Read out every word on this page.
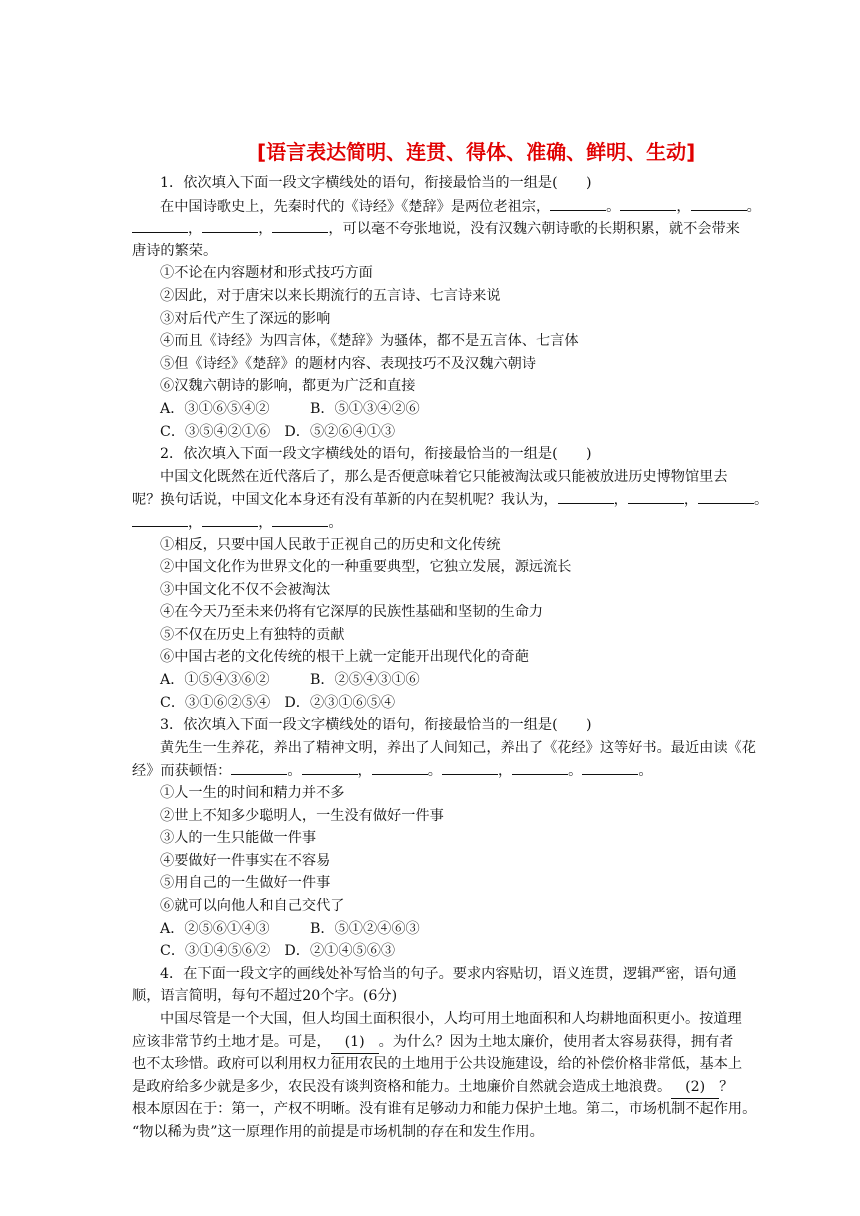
[语言表达简明、连贯、得体、准确、鲜明、生动]
1．依次填入下面一段文字横线处的语句，衔接最恰当的一组是(　　)
在中国诗歌史上，先秦时代的《诗经》《楚辞》是两位老祖宗，	。	，	。
，	，	，可以毫不夸张地说，没有汉魏六朝诗歌的长期积累，就不会带来
唐诗的繁荣。
①不论在内容题材和形式技巧方面
②因此，对于唐宋以来长期流行的五言诗、七言诗来说
③对后代产生了深远的影响
④而且《诗经》为四言体，《楚辞》为骚体，都不是五言体、七言体
⑤但《诗经》《楚辞》的题材内容、表现技巧不及汉魏六朝诗
⑥汉魏六朝诗的影响，都更为广泛和直接
A．③①⑥⑤④②	B．⑤①③④②⑥
C．③⑤④②①⑥　 D．⑤②⑥④①③
2．依次填入下面一段文字横线处的语句，衔接最恰当的一组是(　　)
中国文化既然在近代落后了，那么是否便意味着它只能被淘汰或只能被放进历史博物馆里去
呢？换句话说，中国文化本身还有没有革新的内在契机呢？我认为，	，	，	。
，	，	。
①相反，只要中国人民敢于正视自己的历史和文化传统
②中国文化作为世界文化的一种重要典型，它独立发展，源远流长
③中国文化不仅不会被淘汰
④在今天乃至未来仍将有它深厚的民族性基础和坚韧的生命力
⑤不仅在历史上有独特的贡献
⑥中国古老的文化传统的根干上就一定能开出现代化的奇葩
A．①⑤④③⑥②	B．②⑤④③①⑥
C．③①⑥②⑤④　 D．②③①⑥⑤④
3．依次填入下面一段文字横线处的语句，衔接最恰当的一组是(　　)
黄先生一生养花，养出了精神文明，养出了人间知己，养出了《花经》这等好书。最近由读《花
经》而获顿悟：	。	，	。	，	。	。
①人一生的时间和精力并不多
②世上不知多少聪明人，一生没有做好一件事
③人的一生只能做一件事
④要做好一件事实在不容易
⑤用自己的一生做好一件事
⑥就可以向他人和自己交代了
A．②⑤⑥①④③	B．⑤①②④⑥③
C．③①④⑤⑥②　 D．②①④⑤⑥③
4．在下面一段文字的画线处补写恰当的句子。要求内容贴切，语义连贯，逻辑严密，语句通
顺，语言简明，每句不超过20个字。(6分)
中国尽管是一个大国，但人均国土面积很小，人均可用土地面积和人均耕地面积更小。按道理
应该非常节约土地才是。可是， (1) 。为什么？因为土地太廉价，使用者太容易获得，拥有者
也不太珍惜。政府可以利用权力征用农民的土地用于公共设施建设，给的补偿价格非常低，基本上
是政府给多少就是多少，农民没有谈判资格和能力。土地廉价自然就会造成土地浪费。 (2) ？
根本原因在于：第一，产权不明晰。没有谁有足够动力和能力保护土地。第二，市场机制不起作用。
“物以稀为贵”这一原理作用的前提是市场机制的存在和发生作用。
